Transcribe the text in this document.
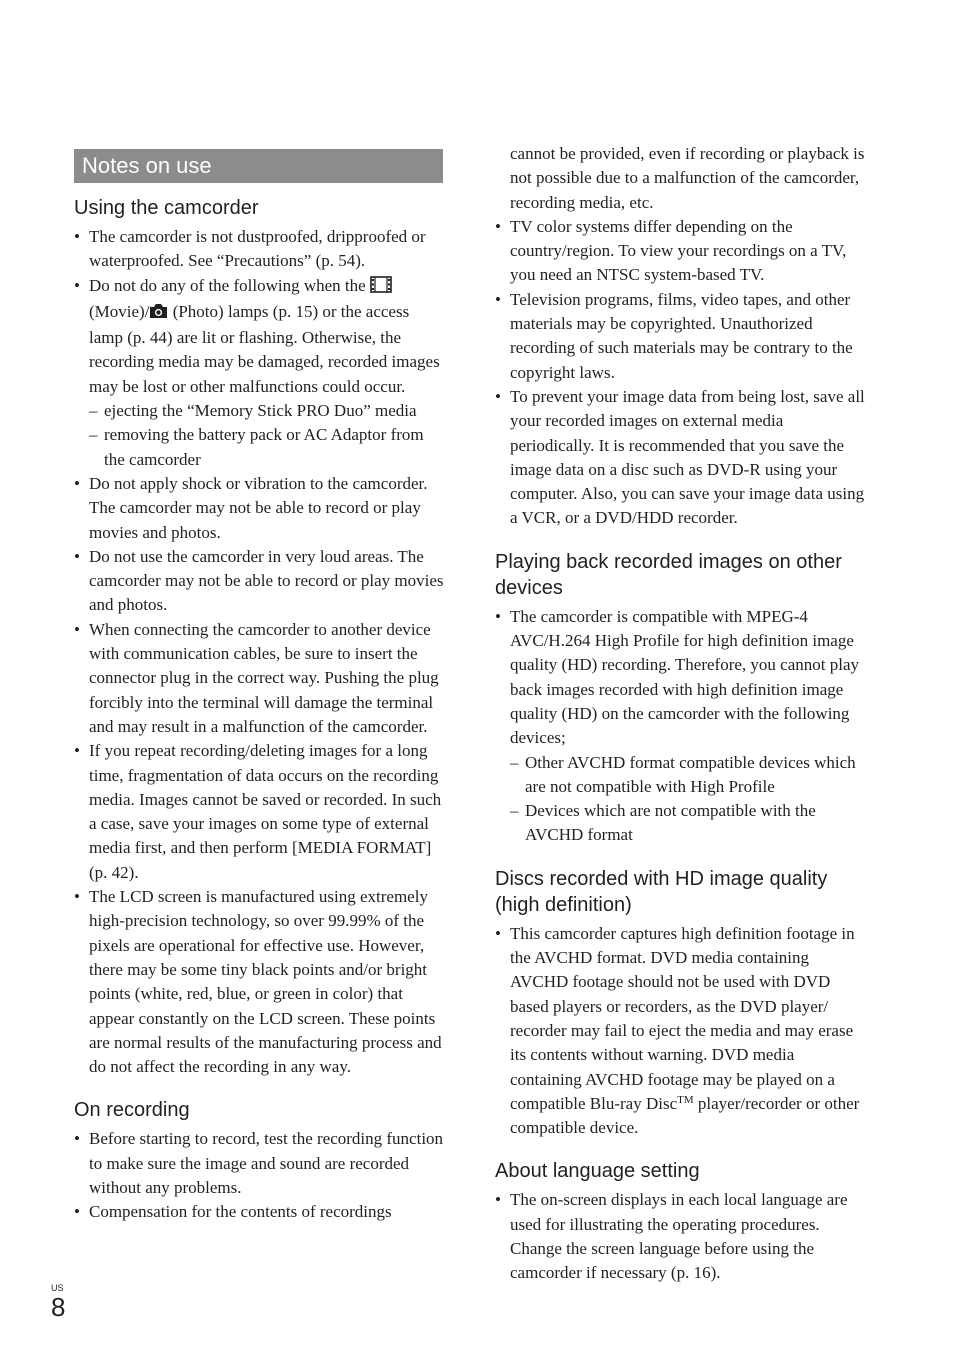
Notes on use
Using the camcorder
• The camcorder is not dustproofed, dripproofed or waterproofed. See “Precautions” (p. 54).
• Do not do any of the following when the
(Movie)/ (Photo) lamps (p. 15) or the access lamp (p. 44) are lit or flashing. Otherwise, the recording media may be damaged, recorded images may be lost or other malfunctions could occur.
– ejecting the “Memory Stick PRO Duo” media
– removing the battery pack or AC Adaptor from the camcorder
• Do not apply shock or vibration to the camcorder. The camcorder may not be able to record or play movies and photos.
• Do not use the camcorder in very loud areas. The camcorder may not be able to record or play movies and photos.
• When connecting the camcorder to another device with communication cables, be sure to insert the connector plug in the correct way. Pushing the plug forcibly into the terminal will damage the terminal and may result in a malfunction of the camcorder.
• If you repeat recording/deleting images for a long time, fragmentation of data occurs on the recording media. Images cannot be saved or recorded. In such a case, save your images on some type of external media first, and then perform [MEDIA FORMAT] (p. 42).
• The LCD screen is manufactured using extremely high-precision technology, so over 99.99% of the pixels are operational for effective use. However, there may be some tiny black points and/or bright points (white, red, blue, or green in color) that appear constantly on the LCD screen. These points are normal results of the manufacturing process and do not affect the recording in any way.
On recording
• Before starting to record, test the recording function to make sure the image and sound are recorded without any problems.
• Compensation for the contents of recordings
cannot be provided, even if recording or playback is not possible due to a malfunction of the camcorder, recording media, etc.
• TV color systems differ depending on the country/region. To view your recordings on a TV, you need an NTSC system-based TV.
• Television programs, films, video tapes, and other materials may be copyrighted. Unauthorized recording of such materials may be contrary to the copyright laws.
• To prevent your image data from being lost, save all your recorded images on external media periodically. It is recommended that you save the image data on a disc such as DVD-R using your computer. Also, you can save your image data using a VCR, or a DVD/HDD recorder.
Playing back recorded images on other devices
• The camcorder is compatible with MPEG-4 AVC/H.264 High Profile for high definition image quality (HD) recording. Therefore, you cannot play back images recorded with high definition image quality (HD) on the camcorder with the following devices;
– Other AVCHD format compatible devices which are not compatible with High Profile
– Devices which are not compatible with the AVCHD format
Discs recorded with HD image quality (high definition)
• This camcorder captures high definition footage in the AVCHD format. DVD media containing AVCHD footage should not be used with DVD based players or recorders, as the DVD player/ recorder may fail to eject the media and may erase its contents without warning. DVD media containing AVCHD footage may be played on a compatible Blu-ray Disc™ player/recorder or other compatible device.
About language setting
• The on-screen displays in each local language are used for illustrating the operating procedures. Change the screen language before using the camcorder if necessary (p. 16).
US
8
